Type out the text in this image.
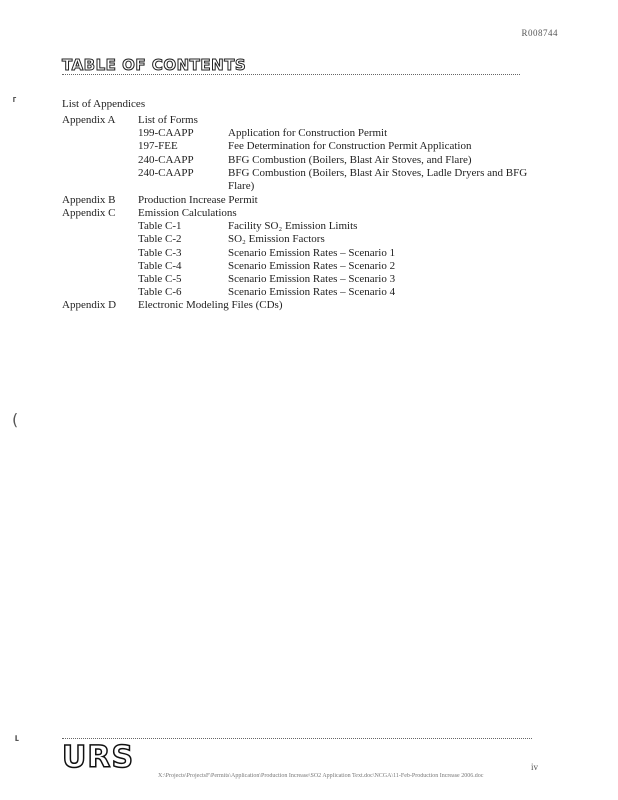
R008744
TABLE OF CONTENTS
⸢
(
⸤
List of Appendices
Appendix A List of Forms
199-CAAPP	Application for Construction Permit
197-FEE	Fee Determination for Construction Permit Application
240-CAAPP	BFG Combustion (Boilers, Blast Air Stoves, and Flare)
240-CAAPP	BFG Combustion (Boilers, Blast Air Stoves, Ladle Dryers and BFG Flare)
Appendix B Production Increase Permit
Appendix C Emission Calculations
Table C-1	Facility SO₂ Emission Limits
Table C-2	SO₂ Emission Factors
Table C-3	Scenario Emission Rates – Scenario 1
Table C-4	Scenario Emission Rates – Scenario 2
Table C-5	Scenario Emission Rates – Scenario 3
Table C-6	Scenario Emission Rates – Scenario 4
Appendix D Electronic Modeling Files (CDs)
URS	iv
X:\Projects\ProjectsF\Permits\Application\Production Increase\SO2 Application Text.doc\NCGA\11-Feb-Production Increase 2006.doc
